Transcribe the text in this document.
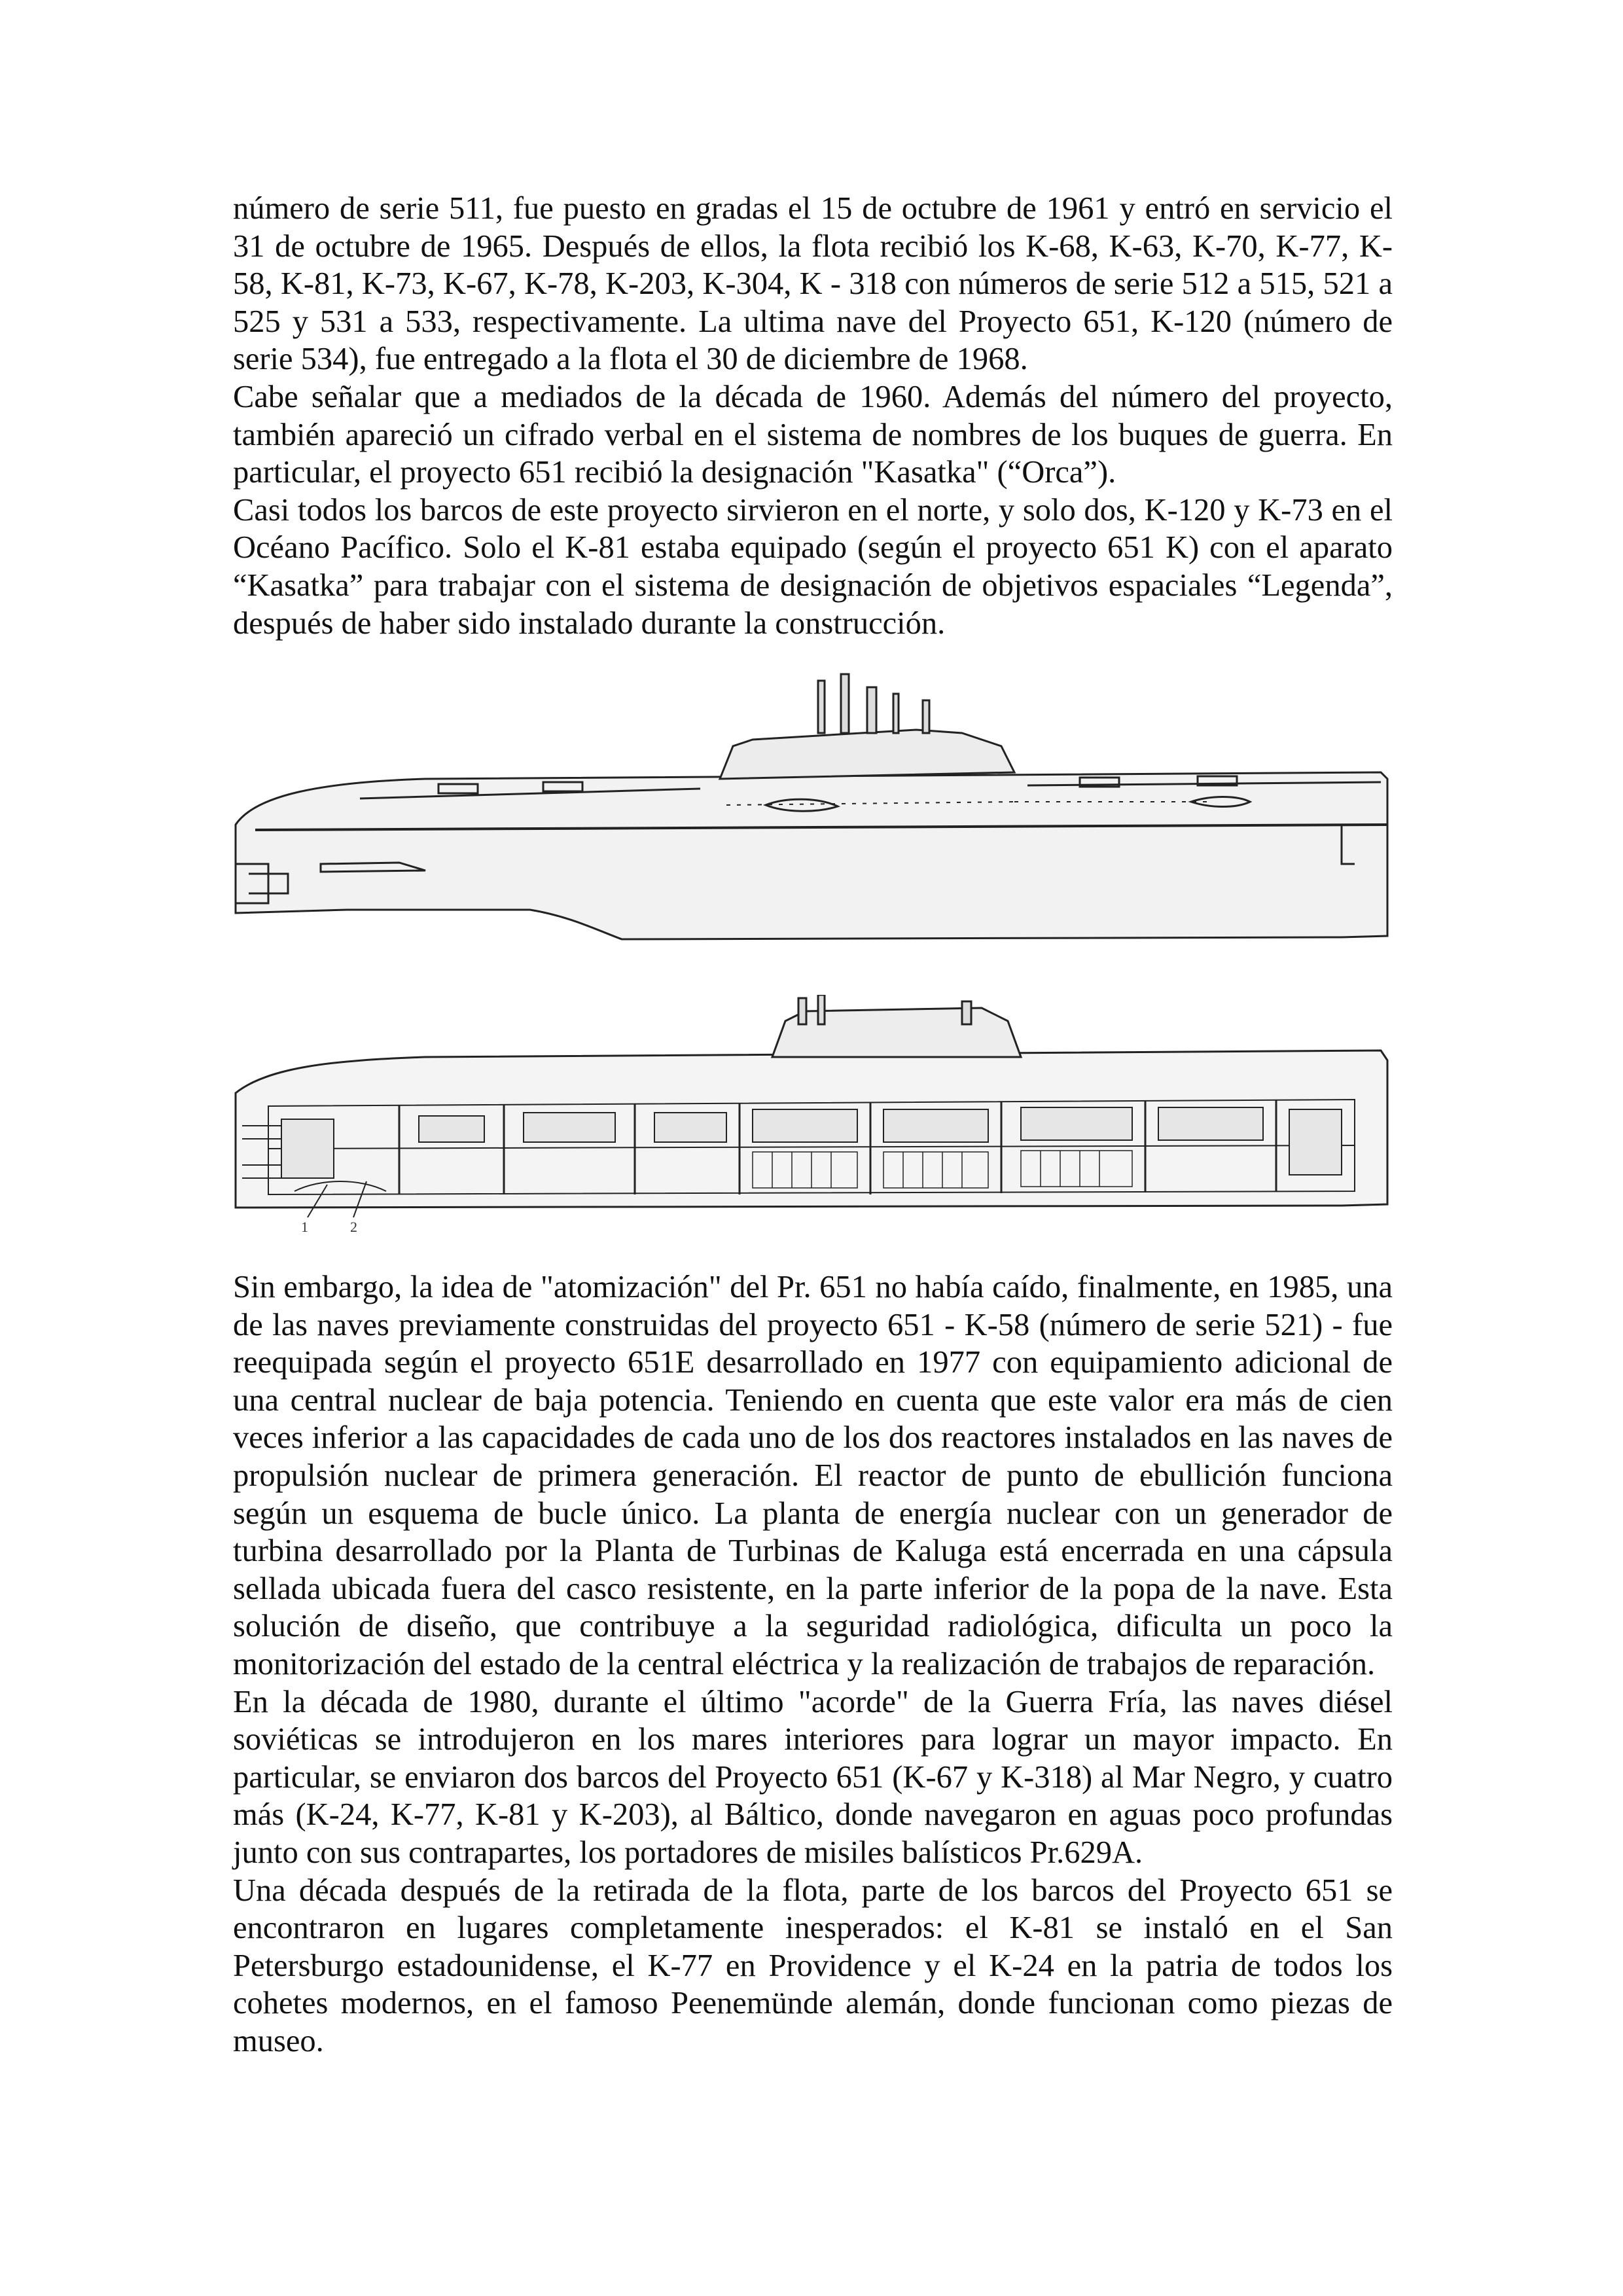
número de serie 511, fue puesto en gradas el 15 de octubre de 1961 y entró en servicio el 31 de octubre de 1965. Después de ellos, la flota recibió los K-68, K-63, K-70, K-77, K-58, K-81, K-73, K-67, K-78, K-203, K-304, K - 318 con números de serie 512 a 515, 521 a 525 y 531 a 533, respectivamente. La ultima nave del Proyecto 651, K-120 (número de serie 534), fue entregado a la flota el 30 de diciembre de 1968.

Cabe señalar que a mediados de la década de 1960. Además del número del proyecto, también apareció un cifrado verbal en el sistema de nombres de los buques de guerra. En particular, el proyecto 651 recibió la designación "Kasatka" (“Orca”).

Casi todos los barcos de este proyecto sirvieron en el norte, y solo dos, K-120 y K-73 en el Océano Pacífico. Solo el K-81 estaba equipado (según el proyecto 651 K) con el aparato “Kasatka” para trabajar con el sistema de designación de objetivos espaciales “Legenda”, después de haber sido instalado durante la construcción.

1	2

Sin embargo, la idea de "atomización" del Pr. 651 no había caído, finalmente, en 1985, una de las naves previamente construidas del proyecto 651 - K-58 (número de serie 521) - fue reequipada según el proyecto 651E desarrollado en 1977 con equipamiento adicional de una central nuclear de baja potencia. Teniendo en cuenta que este valor era más de cien veces inferior a las capacidades de cada uno de los dos reactores instalados en las naves de propulsión nuclear de primera generación. El reactor de punto de ebullición funciona según un esquema de bucle único. La planta de energía nuclear con un generador de turbina desarrollado por la Planta de Turbinas de Kaluga está encerrada en una cápsula sellada ubicada fuera del casco resistente, en la parte inferior de la popa de la nave. Esta solución de diseño, que contribuye a la seguridad radiológica, dificulta un poco la monitorización del estado de la central eléctrica y la realización de trabajos de reparación.

En la década de 1980, durante el último "acorde" de la Guerra Fría, las naves diésel soviéticas se introdujeron en los mares interiores para lograr un mayor impacto. En particular, se enviaron dos barcos del Proyecto 651 (K-67 y K-318) al Mar Negro, y cuatro más (K-24, K-77, K-81 y K-203), al Báltico, donde navegaron en aguas poco profundas junto con sus contrapartes, los portadores de misiles balísticos Pr.629A.

Una década después de la retirada de la flota, parte de los barcos del Proyecto 651 se encontraron en lugares completamente inesperados: el K-81 se instaló en el San Petersburgo estadounidense, el K-77 en Providence y el K-24 en la patria de todos los cohetes modernos, en el famoso Peenemünde alemán, donde funcionan como piezas de museo.
